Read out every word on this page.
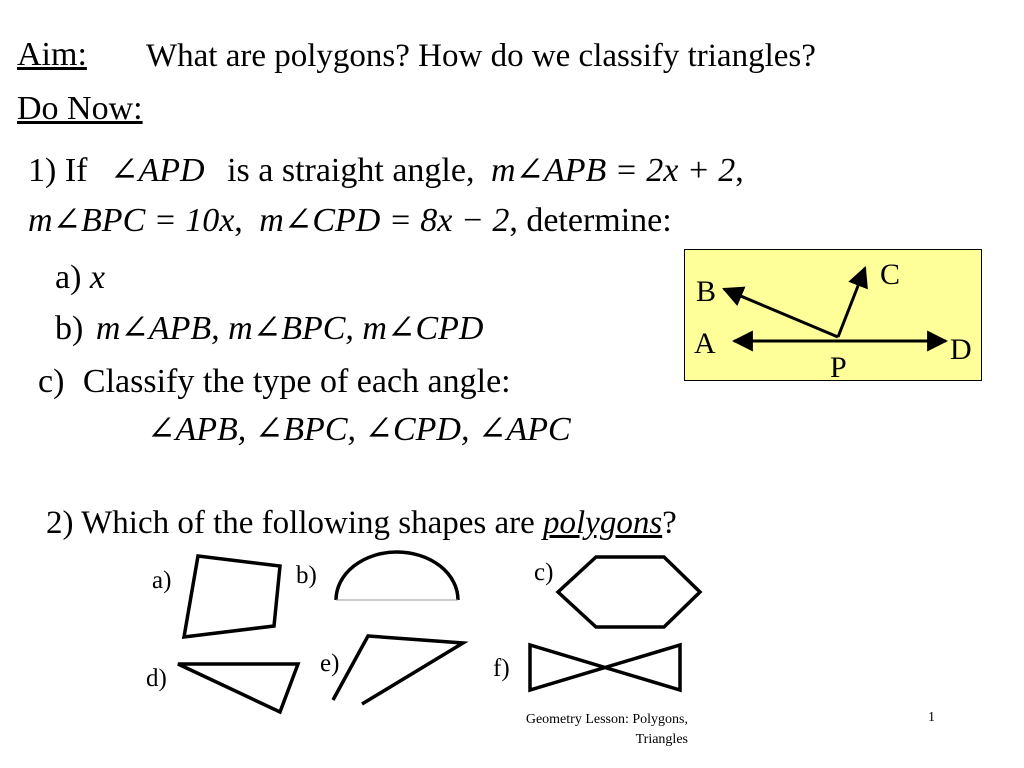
Aim: What are polygons? How do we classify triangles?
Do Now:
1) If ∠APD is a straight angle, m∠APB = 2x + 2,
m∠BPC = 10x, m∠CPD = 8x − 2, determine:
a) x
b) m∠APB, m∠BPC, m∠CPD
c) Classify the type of each angle:
∠APB, ∠BPC, ∠CPD, ∠APC
B
C
A	D
P
2) Which of the following shapes are polygons?
a)	b)	c)
d)
e)	f)
Geometry Lesson: Polygons,
Triangles
1
